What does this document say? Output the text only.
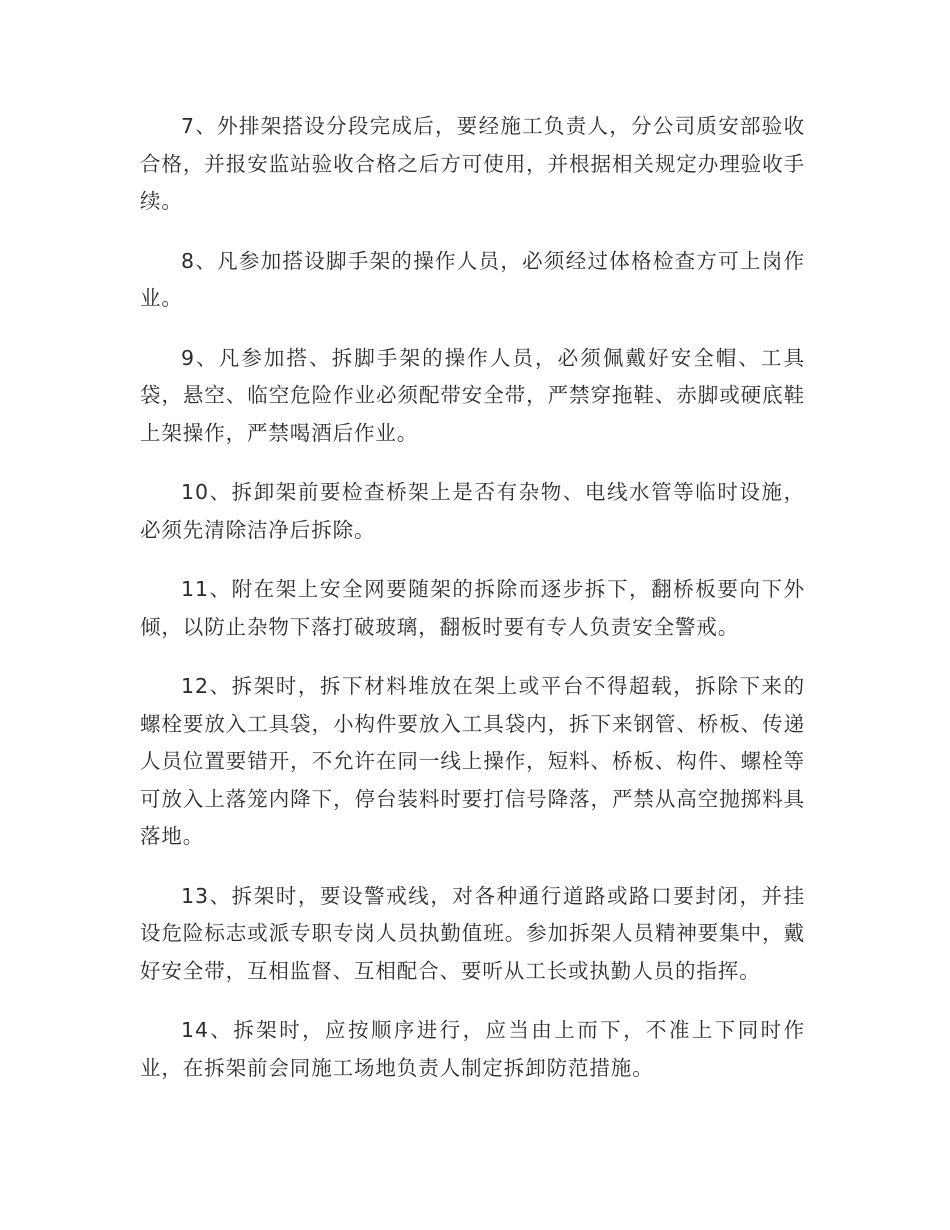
7、外排架搭设分段完成后，要经施工负责人，分公司质安部验收合格，并报安监站验收合格之后方可使用，并根据相关规定办理验收手续。

8、凡参加搭设脚手架的操作人员，必须经过体格检查方可上岗作业。

9、凡参加搭、拆脚手架的操作人员，必须佩戴好安全帽、工具袋，悬空、临空危险作业必须配带安全带，严禁穿拖鞋、赤脚或硬底鞋上架操作，严禁喝酒后作业。

10、拆卸架前要检查桥架上是否有杂物、电线水管等临时设施，必须先清除洁净后拆除。

11、附在架上安全网要随架的拆除而逐步拆下，翻桥板要向下外倾，以防止杂物下落打破玻璃，翻板时要有专人负责安全警戒。

12、拆架时，拆下材料堆放在架上或平台不得超载，拆除下来的螺栓要放入工具袋，小构件要放入工具袋内，拆下来钢管、桥板、传递人员位置要错开，不允许在同一线上操作，短料、桥板、构件、螺栓等可放入上落笼内降下，停台装料时要打信号降落，严禁从高空抛掷料具落地。

13、拆架时，要设警戒线，对各种通行道路或路口要封闭，并挂设危险标志或派专职专岗人员执勤值班。参加拆架人员精神要集中，戴好安全带，互相监督、互相配合、要听从工长或执勤人员的指挥。

14、拆架时，应按顺序进行，应当由上而下，不准上下同时作业，在拆架前会同施工场地负责人制定拆卸防范措施。
